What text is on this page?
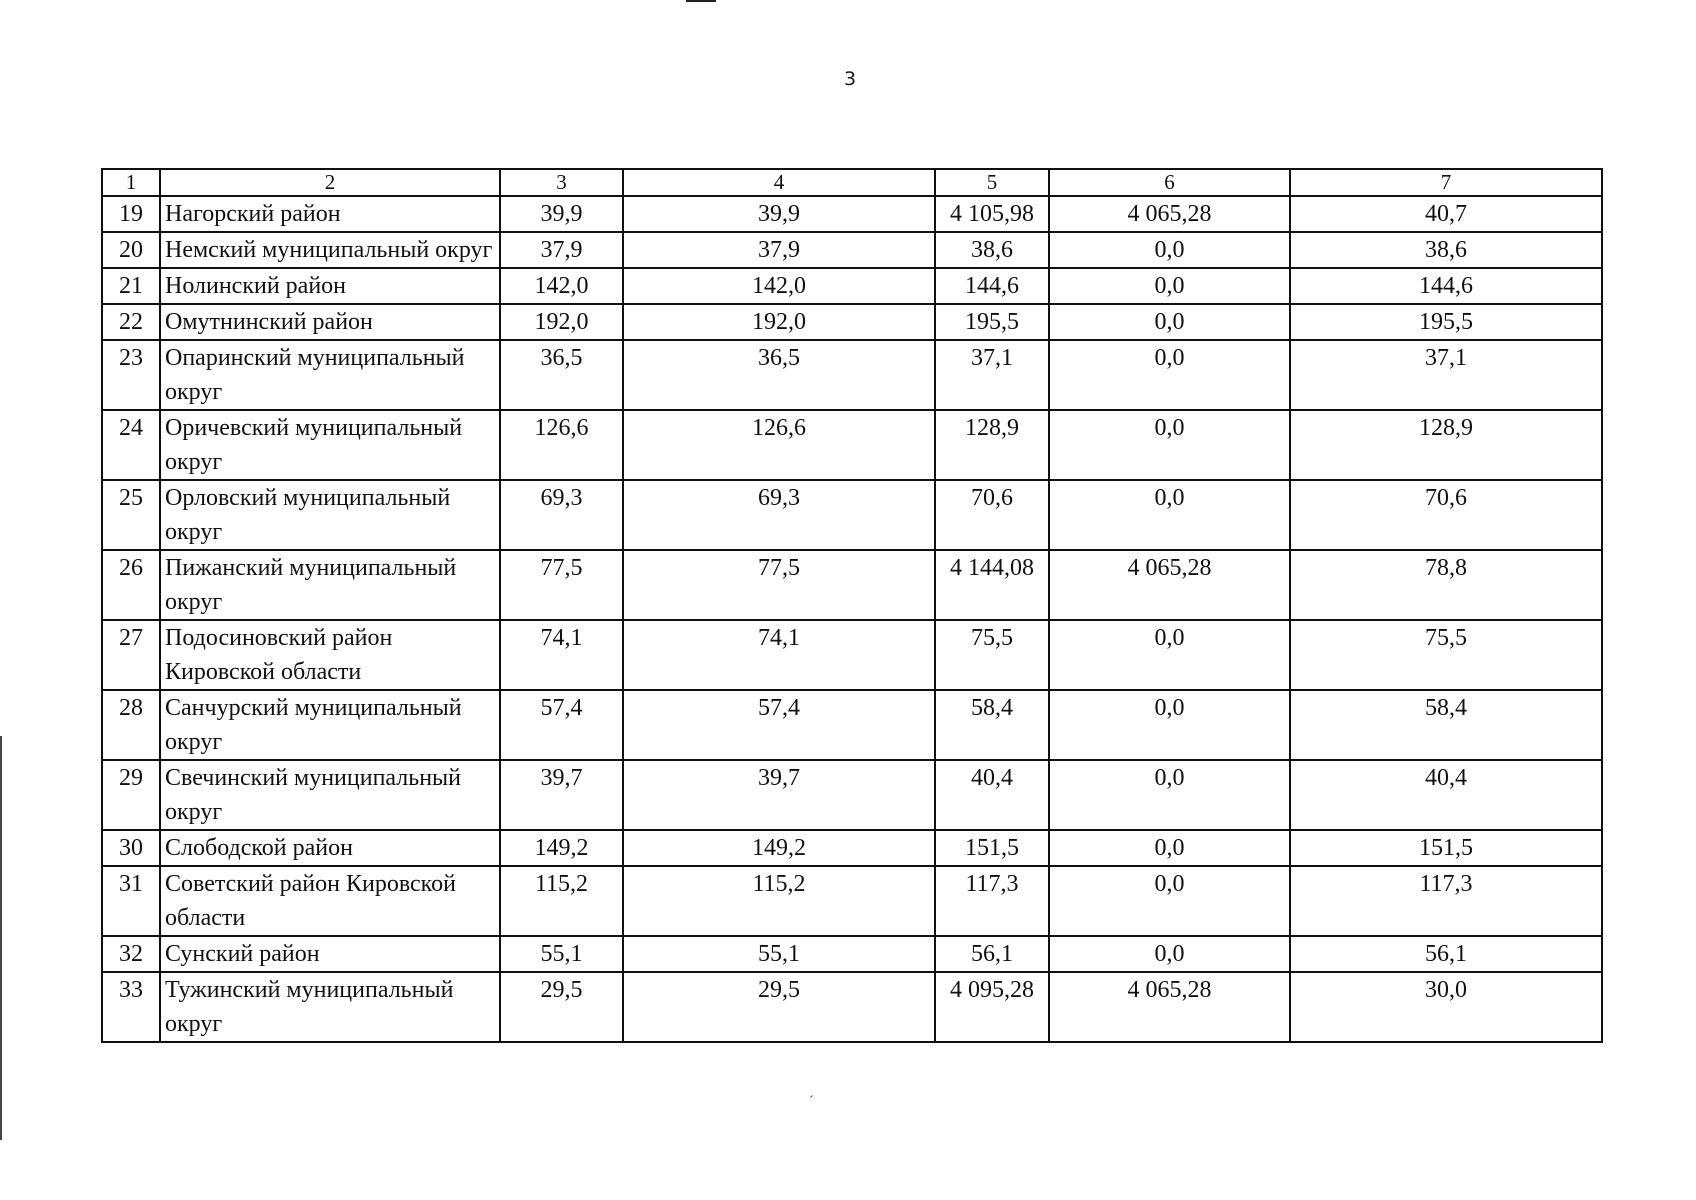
3
1	2	3	4	5	6	7
19	Нагорский район	39,9	39,9	4 105,98	4 065,28	40,7
20	Немский муниципальный округ	37,9	37,9	38,6	0,0	38,6
21	Нолинский район	142,0	142,0	144,6	0,0	144,6
22	Омутнинский район	192,0	192,0	195,5	0,0	195,5
23	Опаринский муниципальный округ	36,5	36,5	37,1	0,0	37,1
24	Оричевский муниципальный округ	126,6	126,6	128,9	0,0	128,9
25	Орловский муниципальный округ	69,3	69,3	70,6	0,0	70,6
26	Пижанский муниципальный округ	77,5	77,5	4 144,08	4 065,28	78,8
27	Подосиновский район Кировской области	74,1	74,1	75,5	0,0	75,5
28	Санчурский муниципальный округ	57,4	57,4	58,4	0,0	58,4
29	Свечинский муниципальный округ	39,7	39,7	40,4	0,0	40,4
30	Слободской район	149,2	149,2	151,5	0,0	151,5
31	Советский район Кировской области	115,2	115,2	117,3	0,0	117,3
32	Сунский район	55,1	55,1	56,1	0,0	56,1
33	Тужинский муниципальный округ	29,5	29,5	4 095,28	4 065,28	30,0
